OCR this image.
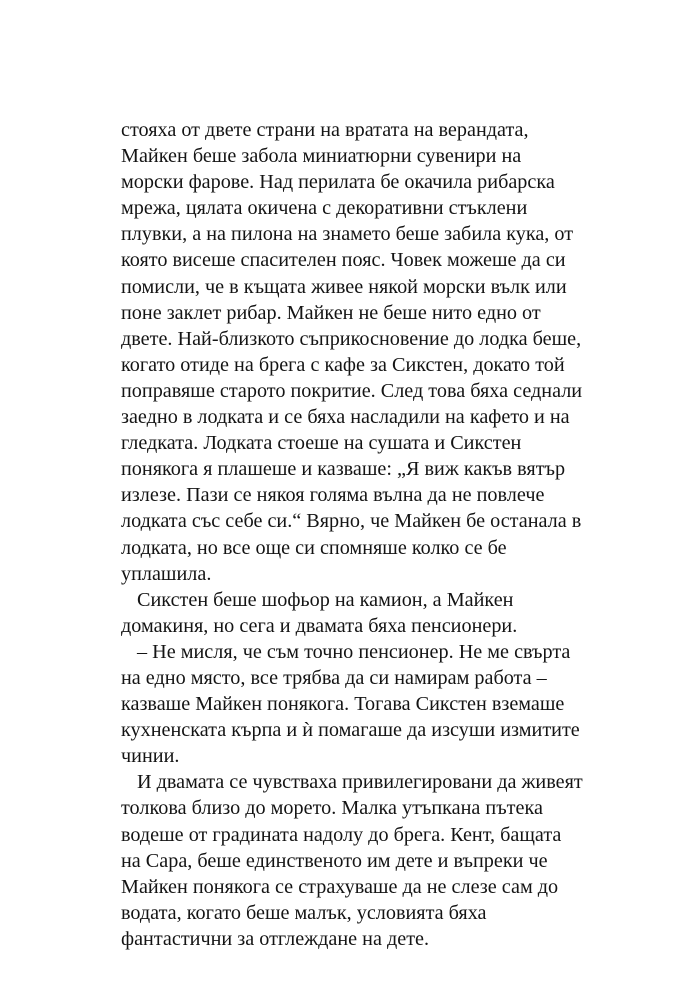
стояха от двете страни на вратата на верандата,
Майкен беше забола миниатюрни сувенири на
морски фарове. Над перилата бе окачила рибарска
мрежа, цялата окичена с декоративни стъклени
плувки, а на пилона на знамето беше забила кука, от
която висеше спасителен пояс. Човек можеше да си
помисли, че в къщата живее някой морски вълк или
поне заклет рибар. Майкен не беше нито едно от
двете. Най-близкото съприкосновение до лодка беше,
когато отиде на брега с кафе за Сикстен, докато той
поправяше старото покритие. След това бяха седнали
заедно в лодката и се бяха насладили на кафето и на
гледката. Лодката стоеше на сушата и Сикстен
понякога я плашеше и казваше: „Я виж какъв вятър
излезе. Пази се някоя голяма вълна да не повлече
лодката със себе си.“ Вярно, че Майкен бе останала в
лодката, но все още си спомняше колко се бе
уплашила.
Сикстен беше шофьор на камион, а Майкен
домакиня, но сега и двамата бяха пенсионери.
– Не мисля, че съм точно пенсионер. Не ме свърта
на едно място, все трябва да си намирам работа –
казваше Майкен понякога. Тогава Сикстен вземаше
кухненската кърпа и ѝ помагаше да изсуши измитите
чинии.
И двамата се чувстваха привилегировани да живеят
толкова близо до морето. Малка утъпкана пътека
водеше от градината надолу до брега. Кент, бащата
на Сара, беше единственото им дете и въпреки че
Майкен понякога се страхуваше да не слезе сам до
водата, когато беше малък, условията бяха
фантастични за отглеждане на дете.
